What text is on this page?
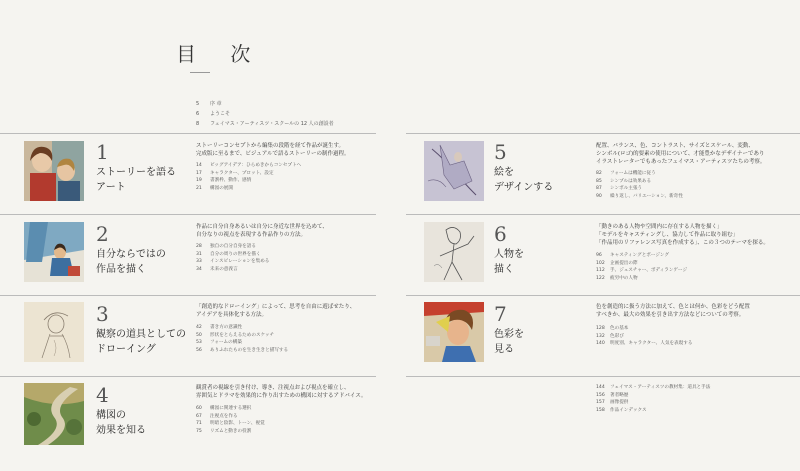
目 次
5	序 章
6	ようこそ
8	フェイマス・アーティスツ・スクールの 12 人の創設者
1
ストーリーを語る
アート
ストーリーコンセプトから編集の段階を経て作品が誕生す。
完成版に至るまで、ビジュアルで語るストーリーの制作過程。
14	ビッグアイデア：ひらめきからコンセプトへ
17	キャラクター、プロット、設定
19	書割枠、動作、感情
21	構図の展開
2
自分ならではの
作品を描く
作品に自分自身あるいは自分に身近な世界を込めて、
自分なりの視点を表現する作品作りの方法。
28	独自の自分自身を語る
31	自分の周りの世界を描く
33	インスピレーションを集める
34	未来の意義言
3
観察の道具としての
ドローイング
「創造的なドローイング」によって、思考を自由に遊ばせたり、
アイデアを具体化する方法。
42	書き方の意識性
50	形状をとらえるためのスケッチ
53	フォームの構築
56	ありふれたものを生き生きと描写する
4
構図の
効果を知る
観賞者の視線を引き付け、導き、注視点および視点を確立し、
雰囲気とドラマを効果的に作り出すための構図に対するアドバイス。
60	構図に関連する選択
67	注視点を作る
71	明暗と陰影、トーン、視覚
75	リズムと動きの役割
5
絵を
デザインする
配置、バランス、色、コントラスト、サイズとスケール、変動、
シンボル(ロゴ)的要素の使用について、才能豊かなデザイナーであり
イラストレーターでもあったフェイマス・アーティスツたちの考察。
82	フォームは機能に従う
85	シンプルは効果ある
87	シンボル主張う
90	繰り返し、バリエーション、新奇性
6
人物を
描く
「動きのある人物や空間内に存在する人物を描く」
「モデルをキャスティングし、協力して作品に取り組む」
「作品用のリファレンス写真を作成する」、この３つのテーマを探る。
96	キャスティングとポージング
102	企画提出の際
112	手、ジェスチャー、ボディランゲージ
122	疲労中の人物
7
色彩を
見る
色を創造的に扱う方法に加えて、色とは何か、色彩をどう配置
すべきか、最大の効果を引き出す方法などについての考察。
128	色の基本
132	色彩び
140	明度別、キャラクター、人気を表現する
144	フェイマス・アーティスツの教材集：道具と手法
156	著者略歴
157	画像提供
158	作品インデックス
